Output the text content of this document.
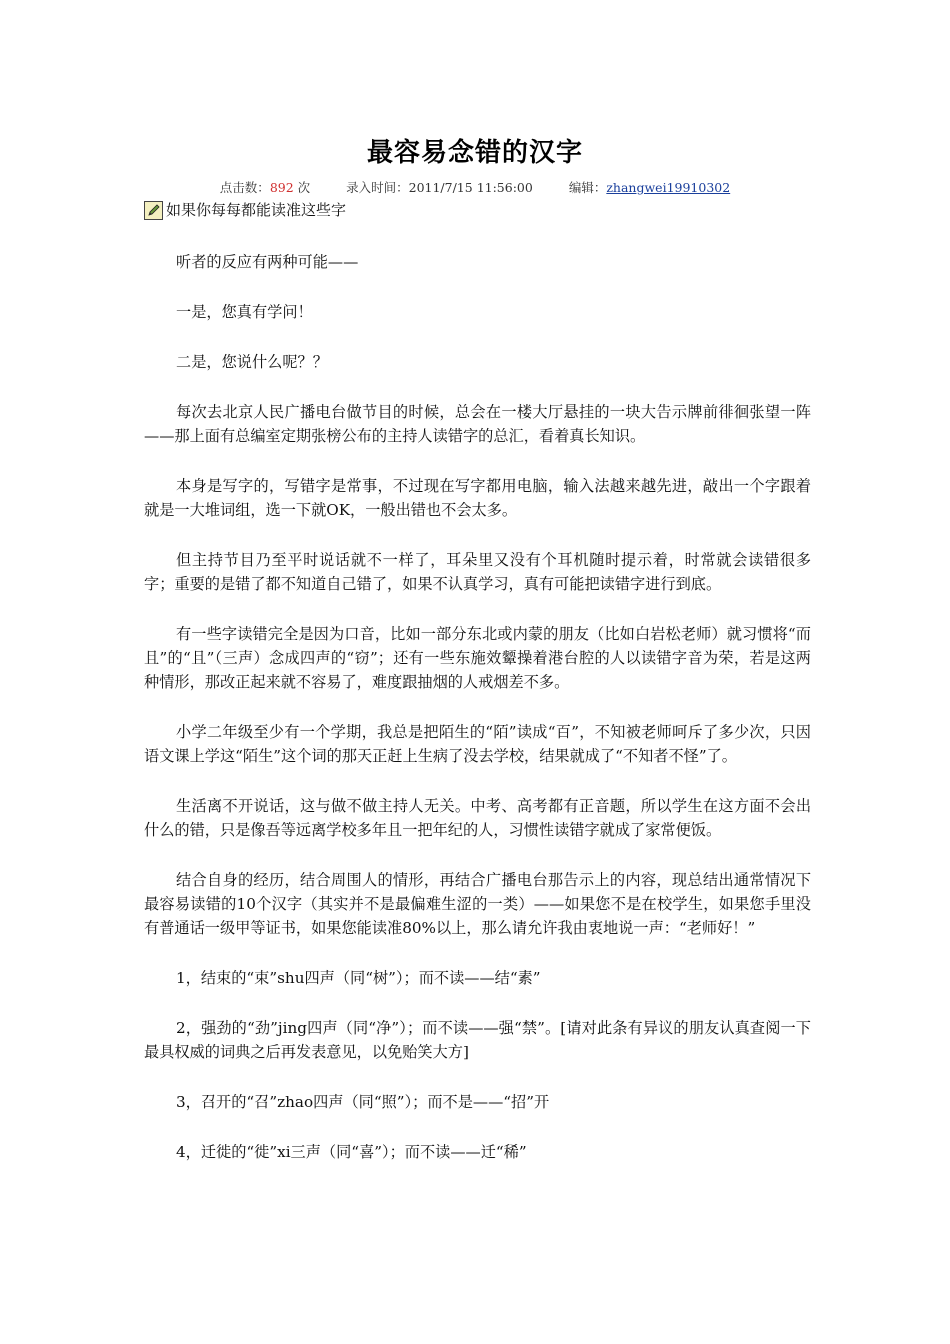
最容易念错的汉字
点击数：892 次	录入时间：2011/7/15 11:56:00	编辑：zhangwei19910302
如果你每每都能读准这些字

听者的反应有两种可能——

一是，您真有学问！

二是，您说什么呢？？

每次去北京人民广播电台做节目的时候，总会在一楼大厅悬挂的一块大告示牌前徘徊张望一阵——那上面有总编室定期张榜公布的主持人读错字的总汇，看着真长知识。

本身是写字的，写错字是常事，不过现在写字都用电脑，输入法越来越先进，敲出一个字跟着就是一大堆词组，选一下就OK，一般出错也不会太多。

但主持节目乃至平时说话就不一样了，耳朵里又没有个耳机随时提示着，时常就会读错很多字；重要的是错了都不知道自己错了，如果不认真学习，真有可能把读错字进行到底。

有一些字读错完全是因为口音，比如一部分东北或内蒙的朋友（比如白岩松老师）就习惯将“而且”的“且”（三声）念成四声的“窃”；还有一些东施效颦操着港台腔的人以读错字音为荣，若是这两种情形，那改正起来就不容易了，难度跟抽烟的人戒烟差不多。

小学二年级至少有一个学期，我总是把陌生的“陌”读成“百”，不知被老师呵斥了多少次，只因语文课上学这“陌生”这个词的那天正赶上生病了没去学校，结果就成了“不知者不怪”了。

生活离不开说话，这与做不做主持人无关。中考、高考都有正音题，所以学生在这方面不会出什么的错，只是像吾等远离学校多年且一把年纪的人，习惯性读错字就成了家常便饭。

结合自身的经历，结合周围人的情形，再结合广播电台那告示上的内容，现总结出通常情况下最容易读错的10个汉字（其实并不是最偏难生涩的一类）——如果您不是在校学生，如果您手里没有普通话一级甲等证书，如果您能读准80%以上，那么请允许我由衷地说一声：“老师好！”

1，结束的“束”shu四声（同“树”）；而不读——结“素”

2，强劲的“劲”jing四声（同“净”）；而不读——强“禁”。[请对此条有异议的朋友认真查阅一下最具权威的词典之后再发表意见，以免贻笑大方]

3，召开的“召”zhao四声（同“照”）；而不是——“招”开

4，迁徙的“徙”xi三声（同“喜”）；而不读——迁“稀”
